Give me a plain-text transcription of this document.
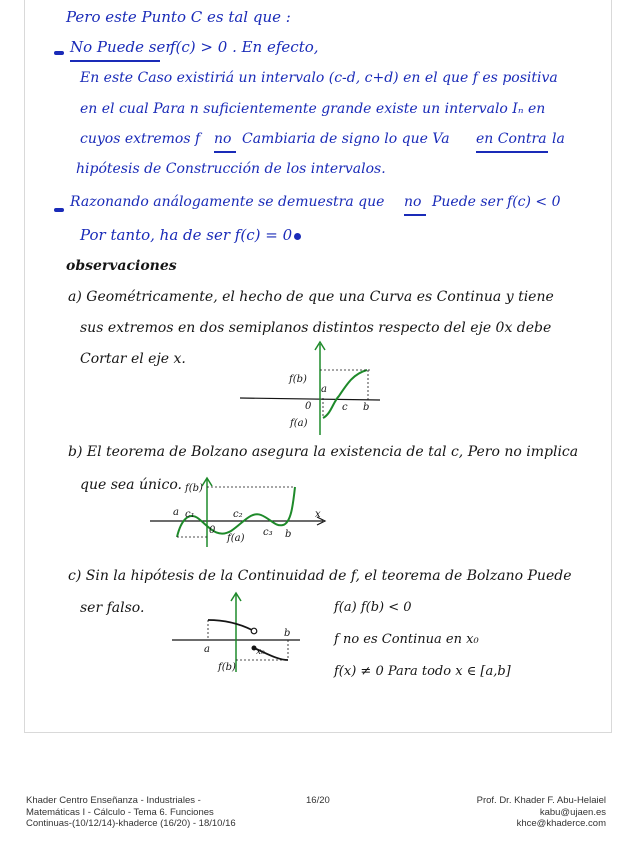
Pero este Punto C es tal que :
No Puede ser
f(c) > 0 . En efecto,
En este Caso existiriá un intervalo (c-d, c+d) en el que f es positiva
en el cual Para n suficientemente grande existe un intervalo Iₙ en
cuyos extremos f no Cambiaria de signo lo que Va en Contra la
hipótesis de Construcción de los intervalos.
Razonando análogamente se demuestra que no Puede ser f(c) < 0
Por tanto, ha de ser f(c) = 0
observaciones
a) Geométricamente, el hecho de que una Curva es Continua y tiene
sus extremos en dos semiplanos distintos respecto del eje 0x debe
Cortar el eje x.
f(b)
f(a)
a
0	c b
b) El teorema de Bolzano asegura la existencia de tal c, Pero no implica
que sea único. f(b)
f(a)
a c₁
0
c₂
c₃ b
x
c) Sin la hipótesis de la Continuidad de f, el teorema de Bolzano Puede
ser falso.
a
b
x₀
f(b)
f(a) f(b) < 0
f no es Continua en x₀
f(x) ≠ 0 Para todo x ∈ [a,b]
Khader Centro Enseñanza - Industriales -
Matemáticas I - Cálculo - Tema 6. Funciones
Continuas-(10/12/14)-khaderce (16/20) - 18/10/16
16/20	Prof. Dr. Khader F. Abu-Helaiel
kabu@ujaen.es
khce@khaderce.com
